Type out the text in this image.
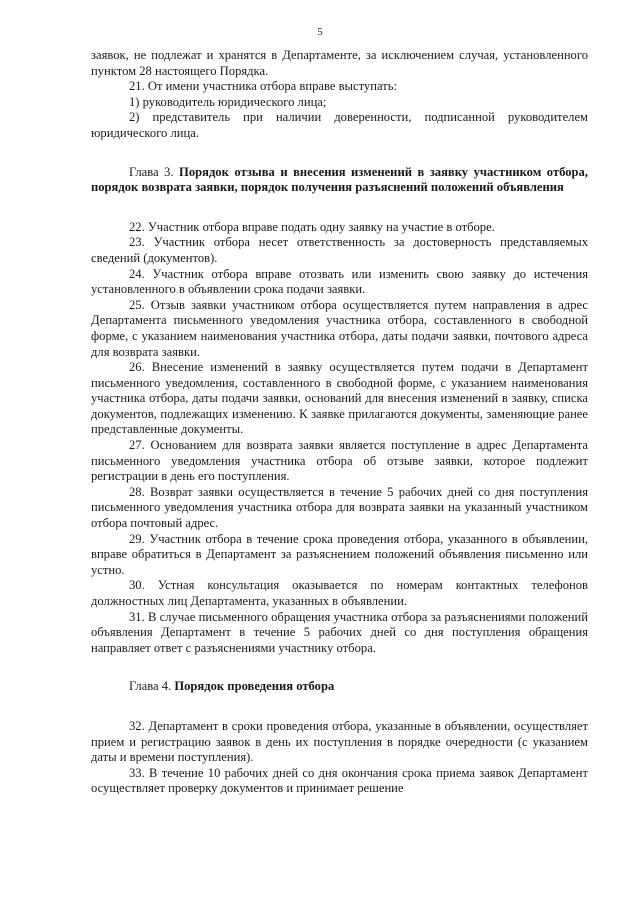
5

заявок, не подлежат и хранятся в Департаменте, за исключением случая, установленного пунктом 28 настоящего Порядка.

21. От имени участника отбора вправе выступать:

1) руководитель юридического лица;

2) представитель при наличии доверенности, подписанной руководителем юридического лица.

Глава 3. Порядок отзыва и внесения изменений в заявку участником отбора, порядок возврата заявки, порядок получения разъяснений положений объявления

22. Участник отбора вправе подать одну заявку на участие в отборе.

23. Участник отбора несет ответственность за достоверность представляемых сведений (документов).

24. Участник отбора вправе отозвать или изменить свою заявку до истечения установленного в объявлении срока подачи заявки.

25. Отзыв заявки участником отбора осуществляется путем направления в адрес Департамента письменного уведомления участника отбора, составленного в свободной форме, с указанием наименования участника отбора, даты подачи заявки, почтового адреса для возврата заявки.

26. Внесение изменений в заявку осуществляется путем подачи в Департамент письменного уведомления, составленного в свободной форме, с указанием наименования участника отбора, даты подачи заявки, оснований для внесения изменений в заявку, списка документов, подлежащих изменению. К заявке прилагаются документы, заменяющие ранее представленные документы.

27. Основанием для возврата заявки является поступление в адрес Департамента письменного уведомления участника отбора об отзыве заявки, которое подлежит регистрации в день его поступления.

28. Возврат заявки осуществляется в течение 5 рабочих дней со дня поступления письменного уведомления участника отбора для возврата заявки на указанный участником отбора почтовый адрес.

29. Участник отбора в течение срока проведения отбора, указанного в объявлении, вправе обратиться в Департамент за разъяснением положений объявления письменно или устно.

30. Устная консультация оказывается по номерам контактных телефонов должностных лиц Департамента, указанных в объявлении.

31. В случае письменного обращения участника отбора за разъяснениями положений объявления Департамент в течение 5 рабочих дней со дня поступления обращения направляет ответ с разъяснениями участнику отбора.

Глава 4. Порядок проведения отбора

32. Департамент в сроки проведения отбора, указанные в объявлении, осуществляет прием и регистрацию заявок в день их поступления в порядке очередности (с указанием даты и времени поступления).

33. В течение 10 рабочих дней со дня окончания срока приема заявок Департамент осуществляет проверку документов и принимает решение
